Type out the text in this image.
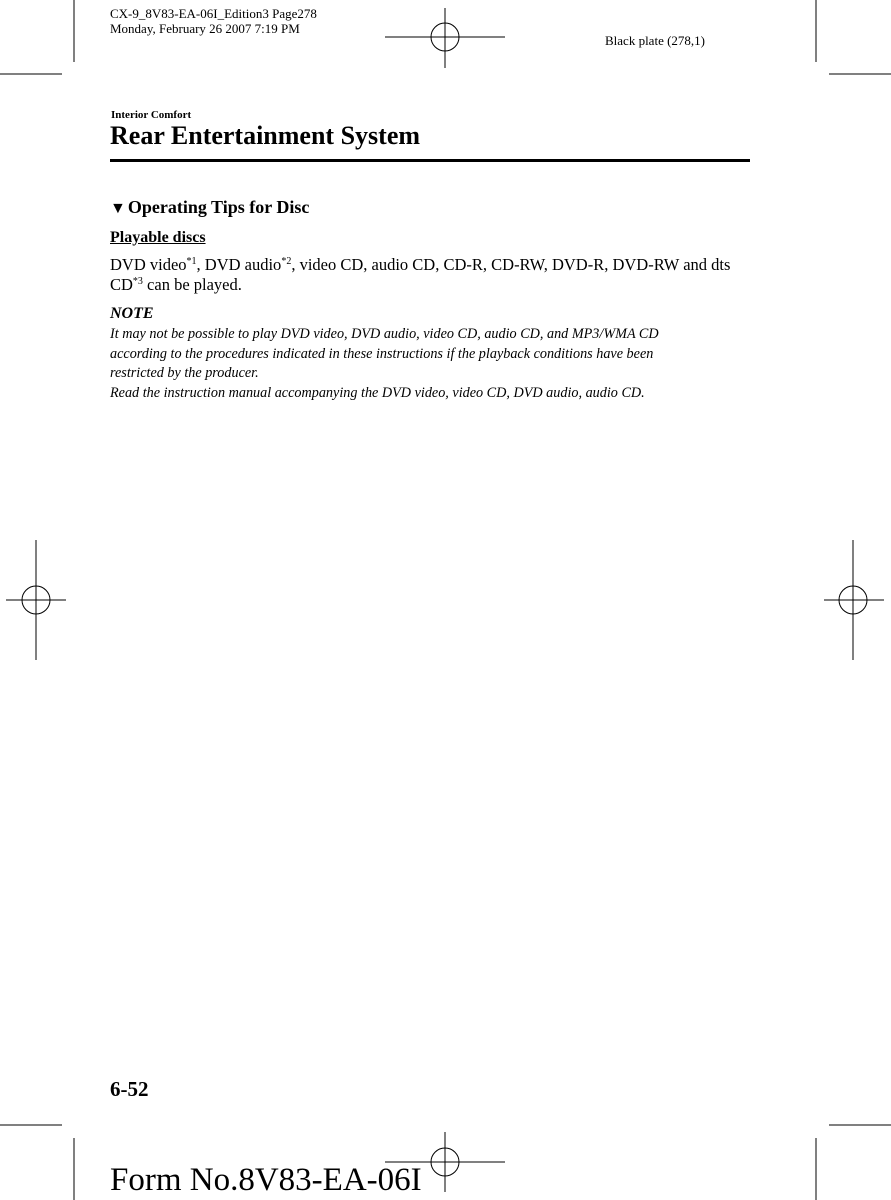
CX-9_8V83-EA-06I_Edition3 Page278
Monday, February 26 2007 7:19 PM
Black plate (278,1)
Interior Comfort
Rear Entertainment System
▼ Operating Tips for Disc
Playable discs
DVD video$^{*1}$, DVD audio$^{*2}$, video CD, audio CD, CD-R, CD-RW, DVD-R, DVD-RW and dts CD$^{*3}$ can be played.
NOTE
It may not be possible to play DVD video, DVD audio, video CD, audio CD, and MP3/WMA CD
according to the procedures indicated in these instructions if the playback conditions have been
restricted by the producer.
Read the instruction manual accompanying the DVD video, video CD, DVD audio, audio CD.
6-52
Form No.8V83-EA-06I
